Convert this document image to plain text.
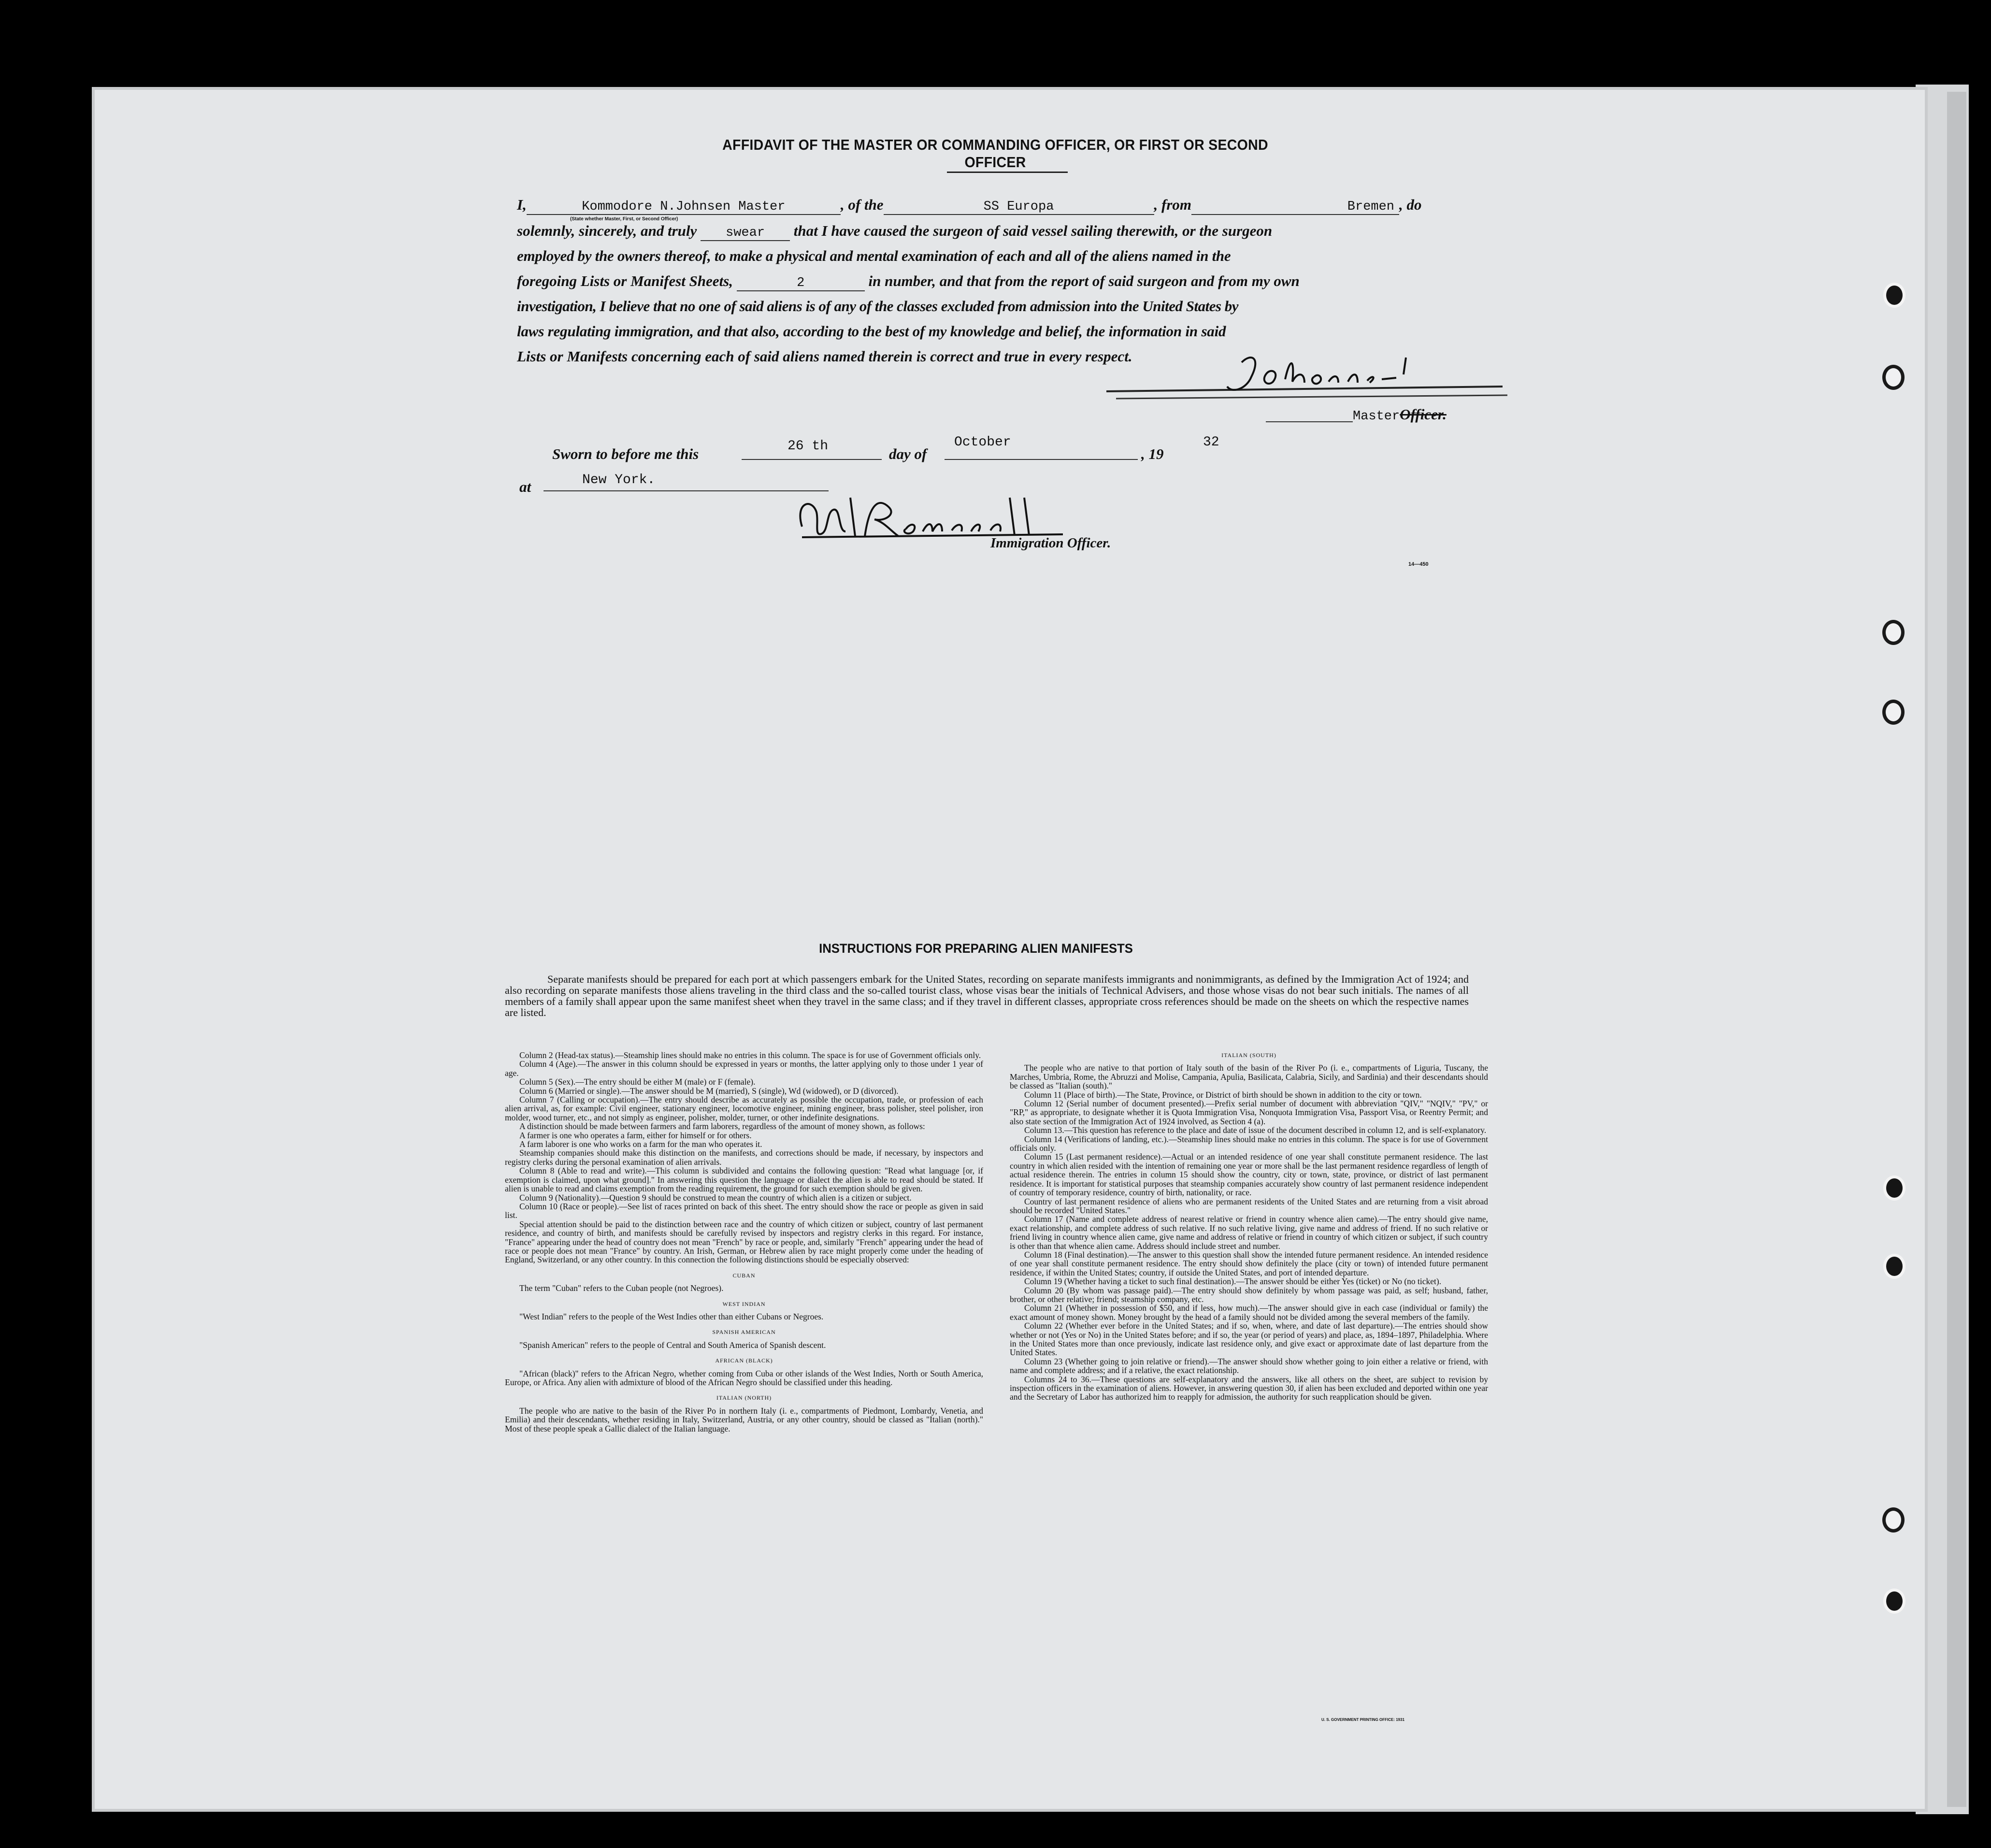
AFFIDAVIT OF THE MASTER OR COMMANDING OFFICER, OR FIRST OR SECOND OFFICER
I,	Kommodore N.Johnsen Master	, of the	SS Europa	, from	Bremen , do
(State whether Master, First, or Second Officer)
solemnly, sincerely, and truly swear that I have caused the surgeon of said vessel sailing therewith, or the surgeon
employed by the owners thereof, to make a physical and mental examination of each and all of the aliens named in the
foregoing Lists or Manifest Sheets,	2	in number, and that from the report of said surgeon and from my own
investigation, I believe that no one of said aliens is of any of the classes excluded from admission into the United States by
laws regulating immigration, and that also, according to the best of my knowledge and belief, the information in said
Lists or Manifests concerning each of said aliens named therein is correct and true in every respect.
MasterOfficer.
Sworn to before me this	26 th	day of
October
, 19
32
at	New York.
Immigration Officer.
14—450
INSTRUCTIONS FOR PREPARING ALIEN MANIFESTS
Separate manifests should be prepared for each port at which passengers embark for the United States, recording on separate manifests immigrants and nonimmigrants, as defined by the Immigration Act of 1924; and also recording on separate manifests those aliens traveling in the third class and the so-called tourist class, whose visas bear the initials of Technical Advisers, and those whose visas do not bear such initials. The names of all members of a family shall appear upon the same manifest sheet when they travel in the same class; and if they travel in different classes, appropriate cross references should be made on the sheets on which the respective names are listed.

Column 2 (Head-tax status).—Steamship lines should make no entries in this column. The space is for use of Government officials only.

Column 4 (Age).—The answer in this column should be expressed in years or months, the latter applying only to those under 1 year of age.

Column 5 (Sex).—The entry should be either M (male) or F (female).

Column 6 (Married or single).—The answer should be M (married), S (single), Wd (widowed), or D (divorced).

Column 7 (Calling or occupation).—The entry should describe as accurately as possible the occupation, trade, or profession of each alien arrival, as, for example: Civil engineer, stationary engineer, locomotive engineer, mining engineer, brass polisher, steel polisher, iron molder, wood turner, etc., and not simply as engineer, polisher, molder, turner, or other indefinite designations.

A distinction should be made between farmers and farm laborers, regardless of the amount of money shown, as follows:

A farmer is one who operates a farm, either for himself or for others.

A farm laborer is one who works on a farm for the man who operates it.

Steamship companies should make this distinction on the manifests, and corrections should be made, if necessary, by inspectors and registry clerks during the personal examination of alien arrivals.

Column 8 (Able to read and write).—This column is subdivided and contains the following question: "Read what language [or, if exemption is claimed, upon what ground]." In answering this question the language or dialect the alien is able to read should be stated. If alien is unable to read and claims exemption from the reading requirement, the ground for such exemption should be given.

Column 9 (Nationality).—Question 9 should be construed to mean the country of which alien is a citizen or subject.

Column 10 (Race or people).—See list of races printed on back of this sheet. The entry should show the race or people as given in said list.

Special attention should be paid to the distinction between race and the country of which citizen or subject, country of last permanent residence, and country of birth, and manifests should be carefully revised by inspectors and registry clerks in this regard. For instance, "France" appearing under the head of country does not mean "French" by race or people, and, similarly "French" appearing under the head of race or people does not mean "France" by country. An Irish, German, or Hebrew alien by race might properly come under the heading of England, Switzerland, or any other country. In this connection the following distinctions should be especially observed:

CUBAN

The term "Cuban" refers to the Cuban people (not Negroes).

WEST INDIAN

"West Indian" refers to the people of the West Indies other than either Cubans or Negroes.

SPANISH AMERICAN

"Spanish American" refers to the people of Central and South America of Spanish descent.

AFRICAN (BLACK)

"African (black)" refers to the African Negro, whether coming from Cuba or other islands of the West Indies, North or South America, Europe, or Africa. Any alien with admixture of blood of the African Negro should be classified under this heading.

ITALIAN (NORTH)

The people who are native to the basin of the River Po in northern Italy (i. e., compartments of Piedmont, Lombardy, Venetia, and Emilia) and their descendants, whether residing in Italy, Switzerland, Austria, or any other country, should be classed as "Italian (north)." Most of these people speak a Gallic dialect of the Italian language.

ITALIAN (SOUTH)

The people who are native to that portion of Italy south of the basin of the River Po (i. e., compartments of Liguria, Tuscany, the Marches, Umbria, Rome, the Abruzzi and Molise, Campania, Apulia, Basilicata, Calabria, Sicily, and Sardinia) and their descendants should be classed as "Italian (south)."

Column 11 (Place of birth).—The State, Province, or District of birth should be shown in addition to the city or town.

Column 12 (Serial number of document presented).—Prefix serial number of document with abbreviation "QIV," "NQIV," "PV," or "RP," as appropriate, to designate whether it is Quota Immigration Visa, Nonquota Immigration Visa, Passport Visa, or Reentry Permit; and also state section of the Immigration Act of 1924 involved, as Section 4 (a).

Column 13.—This question has reference to the place and date of issue of the document described in column 12, and is self-explanatory.

Column 14 (Verifications of landing, etc.).—Steamship lines should make no entries in this column. The space is for use of Government officials only.

Column 15 (Last permanent residence).—Actual or an intended residence of one year shall constitute permanent residence. The last country in which alien resided with the intention of remaining one year or more shall be the last permanent residence regardless of length of actual residence therein. The entries in column 15 should show the country, city or town, state, province, or district of last permanent residence. It is important for statistical purposes that steamship companies accurately show country of last permanent residence independent of country of temporary residence, country of birth, nationality, or race.

Country of last permanent residence of aliens who are permanent residents of the United States and are returning from a visit abroad should be recorded "United States."

Column 17 (Name and complete address of nearest relative or friend in country whence alien came).—The entry should give name, exact relationship, and complete address of such relative. If no such relative living, give name and address of friend. If no such relative or friend living in country whence alien came, give name and address of relative or friend in country of which citizen or subject, if such country is other than that whence alien came. Address should include street and number.

Column 18 (Final destination).—The answer to this question shall show the intended future permanent residence. An intended residence of one year shall constitute permanent residence. The entry should show definitely the place (city or town) of intended future permanent residence, if within the United States; country, if outside the United States, and port of intended departure.

Column 19 (Whether having a ticket to such final destination).—The answer should be either Yes (ticket) or No (no ticket).

Column 20 (By whom was passage paid).—The entry should show definitely by whom passage was paid, as self; husband, father, brother, or other relative; friend; steamship company, etc.

Column 21 (Whether in possession of $50, and if less, how much).—The answer should give in each case (individual or family) the exact amount of money shown. Money brought by the head of a family should not be divided among the several members of the family.

Column 22 (Whether ever before in the United States; and if so, when, where, and date of last departure).—The entries should show whether or not (Yes or No) in the United States before; and if so, the year (or period of years) and place, as, 1894–1897, Philadelphia. Where in the United States more than once previously, indicate last residence only, and give exact or approximate date of last departure from the United States.

Column 23 (Whether going to join relative or friend).—The answer should show whether going to join either a relative or friend, with name and complete address; and if a relative, the exact relationship.

Columns 24 to 36.—These questions are self-explanatory and the answers, like all others on the sheet, are subject to revision by inspection officers in the examination of aliens. However, in answering question 30, if alien has been excluded and deported within one year and the Secretary of Labor has authorized him to reapply for admission, the authority for such reapplication should be given.

U. S. GOVERNMENT PRINTING OFFICE: 1931
